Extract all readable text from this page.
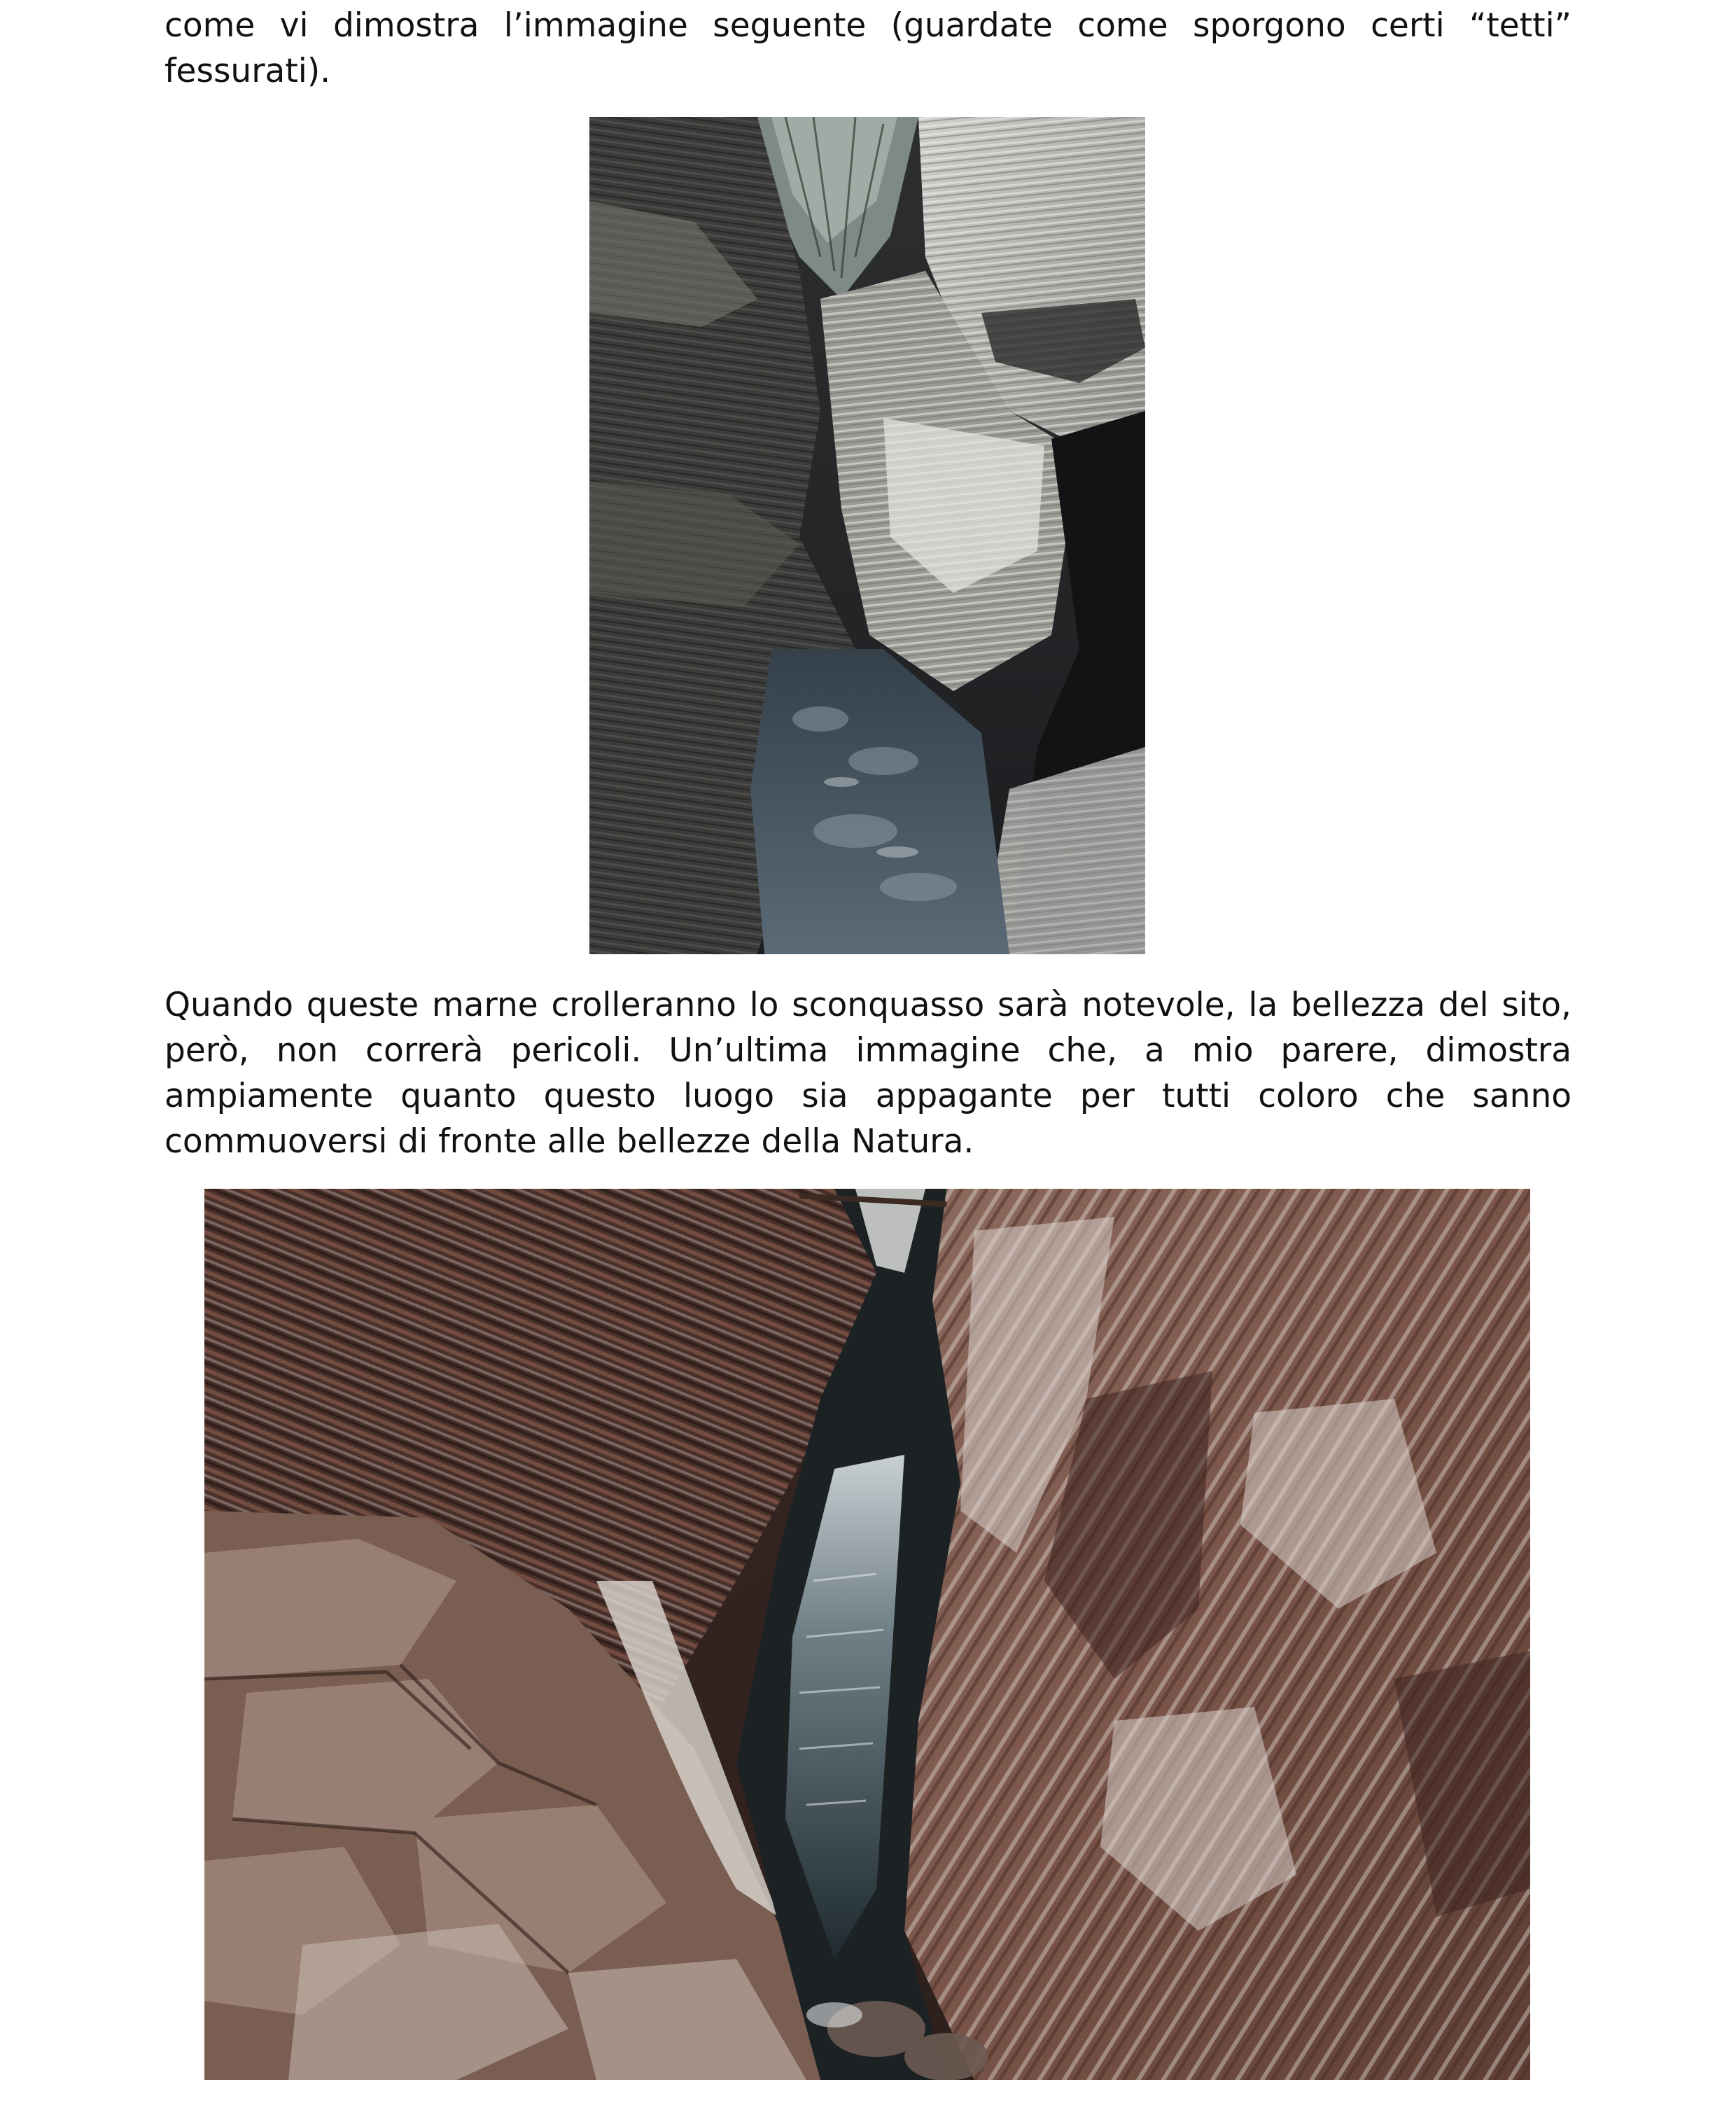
come vi dimostra l’immagine seguente (guardate come sporgono certi “tetti” fessurati).

Quando queste marne crolleranno lo sconquasso sarà notevole, la bellezza del sito, però, non correrà pericoli. Un’ultima immagine che, a mio parere, dimostra ampiamente quanto questo luogo sia appagante per tutti coloro che sanno commuoversi di fronte alle bellezze della Natura.
